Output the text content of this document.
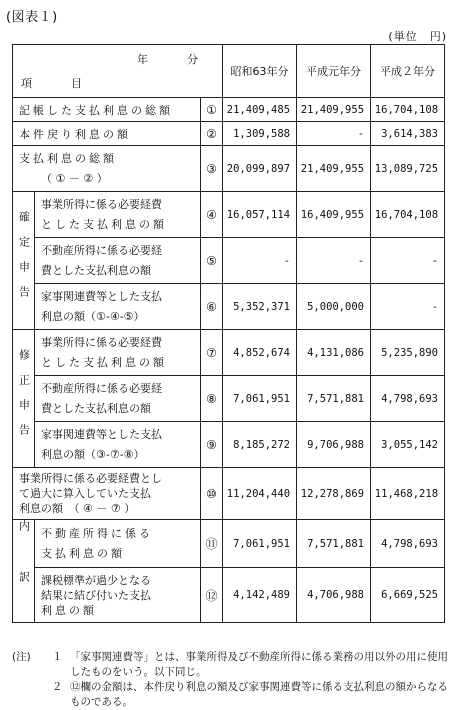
(図表１)
(単位　円)
年　分
項　目			昭和63年分	平成元年分	平成２年分
記帳した支払利息の総額		①	21,409,485	21,409,955	16,704,108
本件戻り利息の額		②	1,309,588	-	3,614,383

支払利息の総額
（ ① － ② ）		③	20,099,897	21,409,955	13,089,725

確定申告	事業所得に係る必要経費
とした支払利息の額	④	16,057,114	16,409,955	16,704,108

	不動産所得に係る必要経
費とした支払利息の額	⑤	-	-	-

	家事関連費等とした支払
利息の額（①-④-⑤）	⑥	5,352,371	5,000,000	-

修正申告	事業所得に係る必要経費
とした支払利息の額	⑦	4,852,674	4,131,086	5,235,890

	不動産所得に係る必要経
費とした支払利息の額	⑧	7,061,951	7,571,881	4,798,693

	家事関連費等とした支払
利息の額（③-⑦-⑧）	⑨	8,185,272	9,706,988	3,055,142

事業所得に係る必要経費とし
て過大に算入していた支払
利息の額　（ ④ － ⑦ ）		⑩	11,204,440	12,278,869	11,468,218

内訳	不動産所得に係る
支払利息の額	⑪	7,061,951	7,571,881	4,798,693

	課税標準が過少となる
結果に結び付いた支払
利息の額	⑫	4,142,489	4,706,988	6,669,525
(注)	１ 「家事関連費等」とは、事業所得及び不動産所得に係る業務の用以外の用に使用したものをいう。以下同じ。
２ ⑫欄の金額は、本件戻り利息の額及び家事関連費等に係る支払利息の額からなるものである。
